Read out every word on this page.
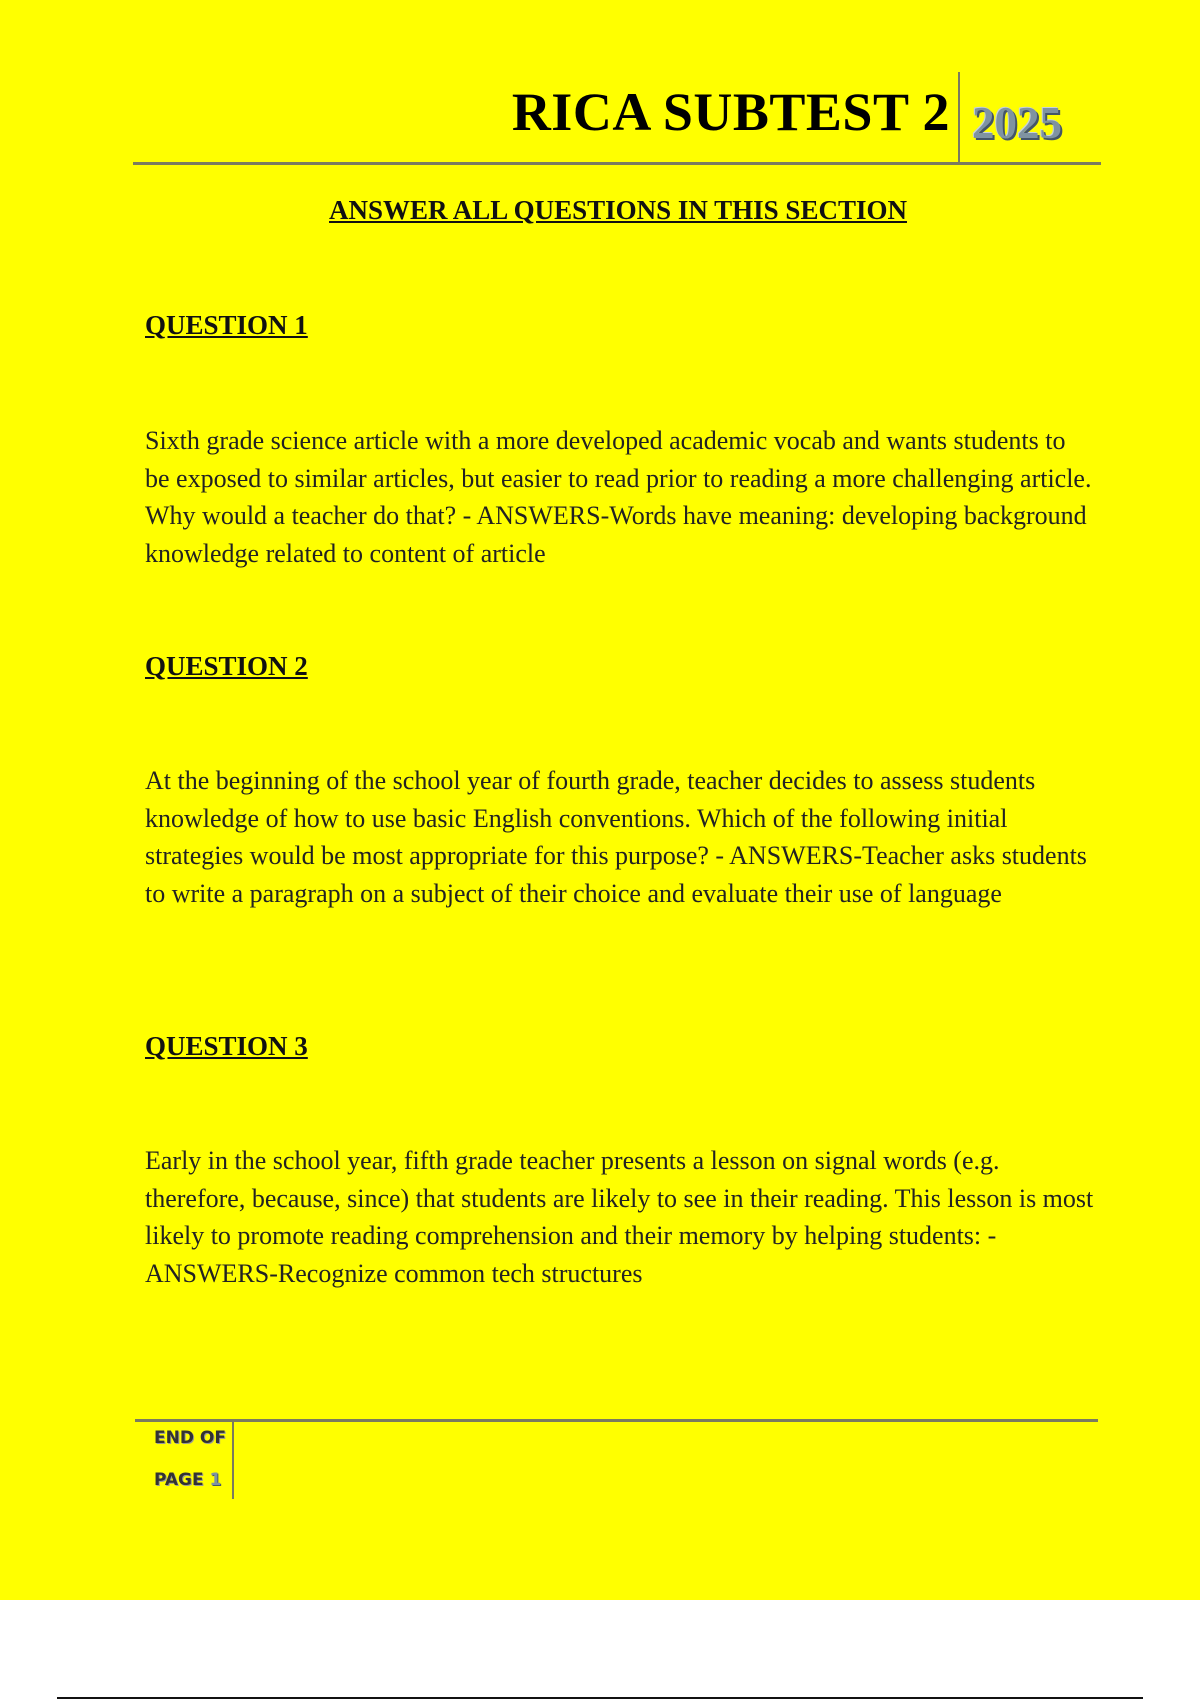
RICA SUBTEST 2 2025
ANSWER ALL QUESTIONS IN THIS SECTION
QUESTION 1
Sixth grade science article with a more developed academic vocab and wants students to be exposed to similar articles, but easier to read prior to reading a more challenging article. Why would a teacher do that? - ANSWERS-Words have meaning: developing background knowledge related to content of article
QUESTION 2
At the beginning of the school year of fourth grade, teacher decides to assess students knowledge of how to use basic English conventions. Which of the following initial strategies would be most appropriate for this purpose? - ANSWERS-Teacher asks students to write a paragraph on a subject of their choice and evaluate their use of language
QUESTION 3
Early in the school year, fifth grade teacher presents a lesson on signal words (e.g. therefore, because, since) that students are likely to see in their reading. This lesson is most likely to promote reading comprehension and their memory by helping students: - ANSWERS-Recognize common tech structures
END OF
PAGE 1
